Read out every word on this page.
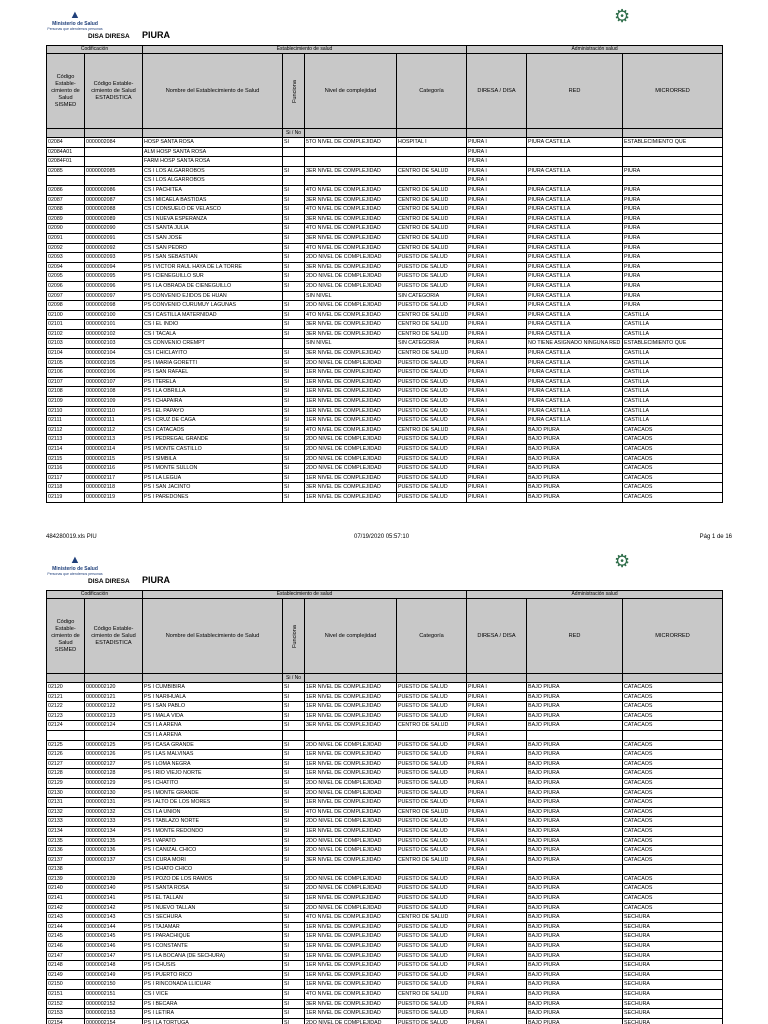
▲
Ministerio de Salud
Personas que atendemos personas
⚙
DISA DIRESA PIURA
Codificación		Establecimiento de salud				Administración salud		
Código Estable-cimiento de Salud SISMED	Código Estable-cimiento de Salud ESTADISTICA	Nombre del Establecimiento de Salud	Funciona	Nivel de complejidad	Categoría	DIRESA / DISA	RED	MICRORRED
			Si / No					
02084	0000002084	HOSP SANTA ROSA	SI	5TO NIVEL DE COMPLEJIDAD	HOSPITAL I	PIURA I	PIURA CASTILLA	ESTABLECIMIENTO QUE
02084A01		ALM HOSP SANTA ROSA				PIURA I		
02084F01		FARM HOSP SANTA ROSA				PIURA I		
02085	0000002085	CS I LOS ALGARROBOS	SI	3ER NIVEL DE COMPLEJIDAD	CENTRO DE SALUD	PIURA I	PIURA CASTILLA	PIURA
		CS I LOS ALGARROBOS				PIURA I		
02086	0000002086	CS I PACHITEA	SI	4TO NIVEL DE COMPLEJIDAD	CENTRO DE SALUD	PIURA I	PIURA CASTILLA	PIURA
02087	0000002087	CS I MICAELA BASTIDAS	SI	3ER NIVEL DE COMPLEJIDAD	CENTRO DE SALUD	PIURA I	PIURA CASTILLA	PIURA
02088	0000002088	CS I CONSUELO DE VELASCO	SI	4TO NIVEL DE COMPLEJIDAD	CENTRO DE SALUD	PIURA I	PIURA CASTILLA	PIURA
02089	0000002089	CS I NUEVA ESPERANZA	SI	3ER NIVEL DE COMPLEJIDAD	CENTRO DE SALUD	PIURA I	PIURA CASTILLA	PIURA
02090	0000002090	CS I SANTA JULIA	SI	4TO NIVEL DE COMPLEJIDAD	CENTRO DE SALUD	PIURA I	PIURA CASTILLA	PIURA
02091	0000002091	CS I SAN JOSE	SI	3ER NIVEL DE COMPLEJIDAD	CENTRO DE SALUD	PIURA I	PIURA CASTILLA	PIURA
02092	0000002092	CS I SAN PEDRO	SI	4TO NIVEL DE COMPLEJIDAD	CENTRO DE SALUD	PIURA I	PIURA CASTILLA	PIURA
02093	0000002093	PS I SAN SEBASTIAN	SI	2DO NIVEL DE COMPLEJIDAD	PUESTO DE SALUD	PIURA I	PIURA CASTILLA	PIURA
02094	0000002094	PS I VICTOR RAUL HAYA DE LA TORRE	SI	3ER NIVEL DE COMPLEJIDAD	PUESTO DE SALUD	PIURA I	PIURA CASTILLA	PIURA
02095	0000002095	PS I CIENEGUILLO SUR	SI	2DO NIVEL DE COMPLEJIDAD	PUESTO DE SALUD	PIURA I	PIURA CASTILLA	PIURA
02096	0000002096	PS I LA OBRADA DE CIENEGUILLO	SI	2DO NIVEL DE COMPLEJIDAD	PUESTO DE SALUD	PIURA I	PIURA CASTILLA	PIURA
02097	0000002097	PS CONVENIO EJIDOS DE HUAN		SIN NIVEL	SIN CATEGORIA	PIURA I	PIURA CASTILLA	PIURA
02098	0000002098	PS CONVENIO CURUMUY LAGUNAS	SI	2DO NIVEL DE COMPLEJIDAD	PUESTO DE SALUD	PIURA I	PIURA CASTILLA	PIURA
02100	0000002100	CS I CASTILLA MATERNIDAD	SI	4TO NIVEL DE COMPLEJIDAD	CENTRO DE SALUD	PIURA I	PIURA CASTILLA	CASTILLA
02101	0000002101	CS I EL INDIO	SI	3ER NIVEL DE COMPLEJIDAD	CENTRO DE SALUD	PIURA I	PIURA CASTILLA	CASTILLA
02102	0000002102	CS I TACALA	SI	3ER NIVEL DE COMPLEJIDAD	CENTRO DE SALUD	PIURA I	PIURA CASTILLA	CASTILLA
02103	0000002103	CS CONVENIO CREMPT		SIN NIVEL	SIN CATEGORIA	PIURA I	NO TIENE ASIGNADO NINGUNA RED	ESTABLECIMIENTO QUE
02104	0000002104	CS I CHICLAYITO	SI	3ER NIVEL DE COMPLEJIDAD	CENTRO DE SALUD	PIURA I	PIURA CASTILLA	CASTILLA
02105	0000002105	PS I MARIA GORETTI	SI	2DO NIVEL DE COMPLEJIDAD	PUESTO DE SALUD	PIURA I	PIURA CASTILLA	CASTILLA
02106	0000002106	PS I SAN RAFAEL	SI	1ER NIVEL DE COMPLEJIDAD	PUESTO DE SALUD	PIURA I	PIURA CASTILLA	CASTILLA
02107	0000002107	PS I TERELA	SI	1ER NIVEL DE COMPLEJIDAD	PUESTO DE SALUD	PIURA I	PIURA CASTILLA	CASTILLA
02108	0000002108	PS I LA OBRILLA	SI	1ER NIVEL DE COMPLEJIDAD	PUESTO DE SALUD	PIURA I	PIURA CASTILLA	CASTILLA
02109	0000002109	PS I CHAPAIRA	SI	1ER NIVEL DE COMPLEJIDAD	PUESTO DE SALUD	PIURA I	PIURA CASTILLA	CASTILLA
02110	0000002110	PS I EL PAPAYO	SI	1ER NIVEL DE COMPLEJIDAD	PUESTO DE SALUD	PIURA I	PIURA CASTILLA	CASTILLA
02111	0000002111	PS I CRUZ DE CAGA	SI	1ER NIVEL DE COMPLEJIDAD	PUESTO DE SALUD	PIURA I	PIURA CASTILLA	CASTILLA
02112	0000002112	CS I CATACAOS	SI	4TO NIVEL DE COMPLEJIDAD	CENTRO DE SALUD	PIURA I	BAJO PIURA	CATACAOS
02113	0000002113	PS I PEDREGAL GRANDE	SI	2DO NIVEL DE COMPLEJIDAD	PUESTO DE SALUD	PIURA I	BAJO PIURA	CATACAOS
02114	0000002114	PS I MONTE CASTILLO	SI	2DO NIVEL DE COMPLEJIDAD	PUESTO DE SALUD	PIURA I	BAJO PIURA	CATACAOS
02115	0000002115	PS I SIMBILA	SI	2DO NIVEL DE COMPLEJIDAD	PUESTO DE SALUD	PIURA I	BAJO PIURA	CATACAOS
02116	0000002116	PS I MONTE SULLON	SI	2DO NIVEL DE COMPLEJIDAD	PUESTO DE SALUD	PIURA I	BAJO PIURA	CATACAOS
02117	0000002117	PS I LA LEGUA	SI	1ER NIVEL DE COMPLEJIDAD	PUESTO DE SALUD	PIURA I	BAJO PIURA	CATACAOS
02118	0000002118	PS I SAN JACINTO	SI	3ER NIVEL DE COMPLEJIDAD	PUESTO DE SALUD	PIURA I	BAJO PIURA	CATACAOS
02119	0000002119	PS I PAREDONES	SI	1ER NIVEL DE COMPLEJIDAD	PUESTO DE SALUD	PIURA I	BAJO PIURA	CATACAOS
484280019.xls PIU	07/19/2020 05:57:10	Pág 1 de 16
▲
Ministerio de Salud
Personas que atendemos personas
⚙
DISA DIRESA PIURA
Codificación		Establecimiento de salud				Administración salud		
Código Estable-cimiento de Salud SISMED	Código Estable-cimiento de Salud ESTADISTICA	Nombre del Establecimiento de Salud	Funciona	Nivel de complejidad	Categoría	DIRESA / DISA	RED	MICRORRED
			Si / No					
02120	0000002120	PS I CUMBIBIRA	SI	1ER NIVEL DE COMPLEJIDAD	PUESTO DE SALUD	PIURA I	BAJO PIURA	CATACAOS
02121	0000002121	PS I NARIHUALA	SI	1ER NIVEL DE COMPLEJIDAD	PUESTO DE SALUD	PIURA I	BAJO PIURA	CATACAOS
02122	0000002122	PS I SAN PABLO	SI	1ER NIVEL DE COMPLEJIDAD	PUESTO DE SALUD	PIURA I	BAJO PIURA	CATACAOS
02123	0000002123	PS I MALA VIDA	SI	1ER NIVEL DE COMPLEJIDAD	PUESTO DE SALUD	PIURA I	BAJO PIURA	CATACAOS
02124	0000002124	CS I LA ARENA	SI	3ER NIVEL DE COMPLEJIDAD	CENTRO DE SALUD	PIURA I	BAJO PIURA	CATACAOS
		CS I LA ARENA				PIURA I		
02125	0000002125	PS I CASA GRANDE	SI	2DO NIVEL DE COMPLEJIDAD	PUESTO DE SALUD	PIURA I	BAJO PIURA	CATACAOS
02126	0000002126	PS I LAS MALVINAS	SI	1ER NIVEL DE COMPLEJIDAD	PUESTO DE SALUD	PIURA I	BAJO PIURA	CATACAOS
02127	0000002127	PS I LOMA NEGRA	SI	1ER NIVEL DE COMPLEJIDAD	PUESTO DE SALUD	PIURA I	BAJO PIURA	CATACAOS
02128	0000002128	PS I RIO VIEJO NORTE	SI	1ER NIVEL DE COMPLEJIDAD	PUESTO DE SALUD	PIURA I	BAJO PIURA	CATACAOS
02129	0000002129	PS I CHATITO	SI	2DO NIVEL DE COMPLEJIDAD	PUESTO DE SALUD	PIURA I	BAJO PIURA	CATACAOS
02130	0000002130	PS I MONTE GRANDE	SI	2DO NIVEL DE COMPLEJIDAD	PUESTO DE SALUD	PIURA I	BAJO PIURA	CATACAOS
02131	0000002131	PS I ALTO DE LOS MORES	SI	1ER NIVEL DE COMPLEJIDAD	PUESTO DE SALUD	PIURA I	BAJO PIURA	CATACAOS
02132	0000002132	CS I LA UNION	SI	4TO NIVEL DE COMPLEJIDAD	CENTRO DE SALUD	PIURA I	BAJO PIURA	CATACAOS
02133	0000002133	PS I TABLAZO NORTE	SI	2DO NIVEL DE COMPLEJIDAD	PUESTO DE SALUD	PIURA I	BAJO PIURA	CATACAOS
02134	0000002134	PS I MONTE REDONDO	SI	1ER NIVEL DE COMPLEJIDAD	PUESTO DE SALUD	PIURA I	BAJO PIURA	CATACAOS
02135	0000002135	PS I VAPATO	SI	2DO NIVEL DE COMPLEJIDAD	PUESTO DE SALUD	PIURA I	BAJO PIURA	CATACAOS
02136	0000002136	PS I CANIZAL CHICO	SI	2DO NIVEL DE COMPLEJIDAD	PUESTO DE SALUD	PIURA I	BAJO PIURA	CATACAOS
02137	0000002137	CS I CURA MORI	SI	3ER NIVEL DE COMPLEJIDAD	CENTRO DE SALUD	PIURA I	BAJO PIURA	CATACAOS
02138		PS I CHATO CHICO				PIURA I		
02139	0000002139	PS I POZO DE LOS RAMOS	SI	2DO NIVEL DE COMPLEJIDAD	PUESTO DE SALUD	PIURA I	BAJO PIURA	CATACAOS
02140	0000002140	PS I SANTA ROSA	SI	2DO NIVEL DE COMPLEJIDAD	PUESTO DE SALUD	PIURA I	BAJO PIURA	CATACAOS
02141	0000002141	PS I EL TALLAN	SI	1ER NIVEL DE COMPLEJIDAD	PUESTO DE SALUD	PIURA I	BAJO PIURA	CATACAOS
02142	0000002142	PS I NUEVO TALLAN	SI	2DO NIVEL DE COMPLEJIDAD	PUESTO DE SALUD	PIURA I	BAJO PIURA	CATACAOS
02143	0000002143	CS I SECHURA	SI	4TO NIVEL DE COMPLEJIDAD	CENTRO DE SALUD	PIURA I	BAJO PIURA	SECHURA
02144	0000002144	PS I TAJAMAR	SI	1ER NIVEL DE COMPLEJIDAD	PUESTO DE SALUD	PIURA I	BAJO PIURA	SECHURA
02145	0000002145	PS I PARACHIQUE	SI	1ER NIVEL DE COMPLEJIDAD	PUESTO DE SALUD	PIURA I	BAJO PIURA	SECHURA
02146	0000002146	PS I CONSTANTE	SI	1ER NIVEL DE COMPLEJIDAD	PUESTO DE SALUD	PIURA I	BAJO PIURA	SECHURA
02147	0000002147	PS I LA BOCANA (DE SECHURA)	SI	1ER NIVEL DE COMPLEJIDAD	PUESTO DE SALUD	PIURA I	BAJO PIURA	SECHURA
02148	0000002148	PS I CHUSIS	SI	1ER NIVEL DE COMPLEJIDAD	PUESTO DE SALUD	PIURA I	BAJO PIURA	SECHURA
02149	0000002149	PS I PUERTO RICO	SI	1ER NIVEL DE COMPLEJIDAD	PUESTO DE SALUD	PIURA I	BAJO PIURA	SECHURA
02150	0000002150	PS I RINCONADA LLICUAR	SI	1ER NIVEL DE COMPLEJIDAD	PUESTO DE SALUD	PIURA I	BAJO PIURA	SECHURA
02151	0000002151	CS I VICE	SI	4TO NIVEL DE COMPLEJIDAD	CENTRO DE SALUD	PIURA I	BAJO PIURA	SECHURA
02152	0000002152	PS I BECARA	SI	3ER NIVEL DE COMPLEJIDAD	PUESTO DE SALUD	PIURA I	BAJO PIURA	SECHURA
02153	0000002153	PS I LETIRA	SI	1ER NIVEL DE COMPLEJIDAD	PUESTO DE SALUD	PIURA I	BAJO PIURA	SECHURA
02154	0000002154	PS I LA TORTUGA	SI	2DO NIVEL DE COMPLEJIDAD	PUESTO DE SALUD	PIURA I	BAJO PIURA	SECHURA
